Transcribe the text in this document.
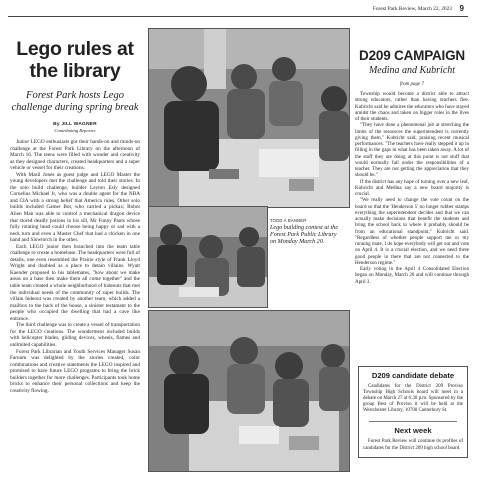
Forest Park Review, March 22, 2023 9
Lego rules at
the library
Forest Park hosts Lego challenge during spring break
By JILL WAGNER
Contributing Reporter

Junior LEGO enthusiasts got their hands-on and minds-on challenge at the Forest Park Library on the afternoon of March 16. The teens were filled with wonder and creativity as they designed characters, created headquarters and a super vehicle or vessel for their creations.

With Masil Jones as guest judge and LEGO Master the young developers met the challenge and told their stories. In the solo build challenge, builder Leyton Esly designed Cornelius Michael Jr, who was a double agent for the NBA and CIA with a strong belief that America rules. Other solo builds included Gamer Bot, who carried a pickax; Robot Alien Man was able to control a mechanical dragon device that stored deadly potions in his sill, Mr Funny Pants whose fully rotating head could choose being happy or sad with a neck turn and even a Master Chef that had a chicken in one hand and Slowtorch in the other.

Each LEGO junior then branched into the team table challenge to create a homebase. The headquarters were full of details, one even resembled the Prairie style of Frank Lloyd Wright and doubled as a place to detain villains. Wyatt Kaender proposed to his tablemates, "how about we make areas on a base then make them all come together" and the table team created a whole neighborhood of hideouts that met the individual needs of the community of super builds. The villain hideout was created by another team, which added a mailbox to the back of the house, a sinister testament to the people who occupied the dwelling that had a cave like entrance.

The third challenge was to create a vessel of transportation for the LEGO creations. The wonderment included builds with helicopter blades, gliding devices, wheels, flames and unlimited capabilities.

Forest Park Librarian and Youth Services Manager Susan Farnum was delighted by the stories created, color combinations and creative statements the LEGO inspired and promised to have future LEGO programs to bring the brick builders together for more challenges. Participants took home bricks to enhance their personal collections and keep the creativity flowing.

TODD A BANNER
Lego building contest at the Forest Park Public Library on Monday March 20.
D209 CAMPAIGN
Medina and Kubricht
from page 7

Township would become a district able to attract strong educators, rather than having teachers flee. Kubricht said he admires the educators who have stayed amidst the chaos and taken on bigger roles in the lives of their students.

"They have done a phenomenal job at stretching the limits of the resources the superintendent is currently giving them," Kubricht said, praising recent musical performances. "The teachers have really stepped it up in filling in the gaps in what has been taken away. A lot of the stuff they are doing at this point is not stuff that would normally fall under the responsibilities of a teacher. They are not getting the appreciation that they should be."

If the district has any hope of turning over a new leaf, Kubricht and Medina say a new board majority is crucial.

"We really need to change the vote count on the board so that the 'Henderson 5' no longer rubber stamps everything the superintendent decides and that we can actually make decisions that benefit the students and bring the school back to where it probably should be from an educational standpoint," Kubricht said. "Regardless of whether people support me or my running mate, I do hope everybody will get out and vote on April 4. It is a crucial election, and we need three good people in there that are not connected to the Henderson regime."

Early voting in the April 4 Consolidated Election began on Monday, March 20 and will continue through April 3.

D209 candidate debate
Candidates for the District 209 Proviso Township High Schools board will meet in a debate on March 27 at 6:30 p.m. Sponsored by the group Best of Proviso it will be held at the Westchester Library, 10700 Canterbury St.
Next week
Forest Park Review will continue its profiles of candidates for the District 209 high school board.
